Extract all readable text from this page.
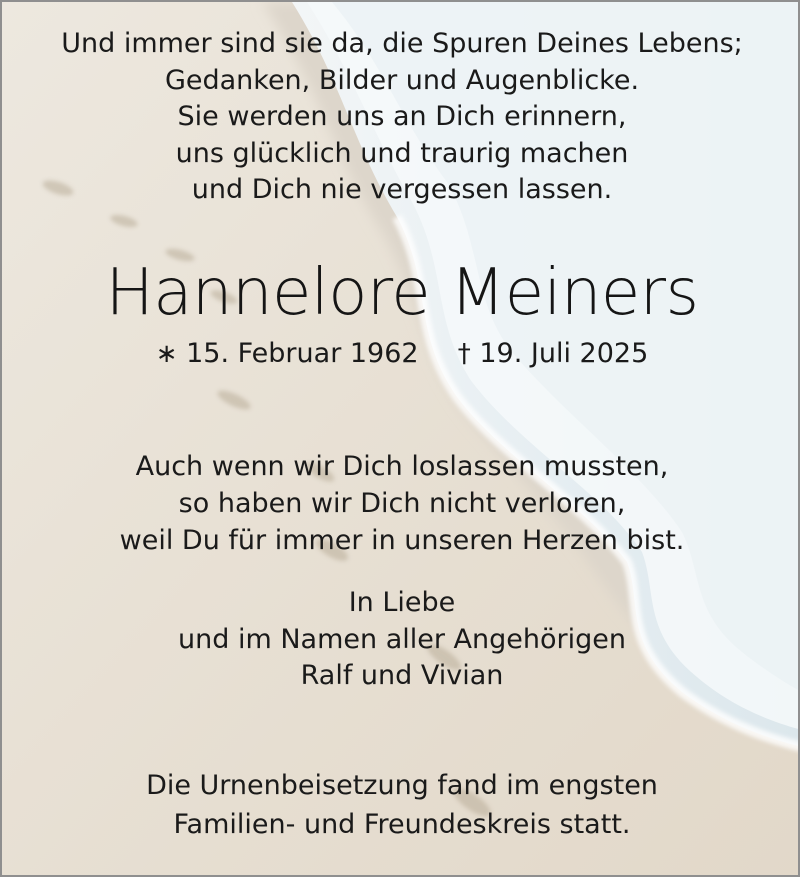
Und immer sind sie da, die Spuren Deines Lebens;
Gedanken, Bilder und Augenblicke.
Sie werden uns an Dich erinnern,
uns glücklich und traurig machen
und Dich nie vergessen lassen.
Hannelore Meiners
∗ 15. Februar 1962 † 19. Juli 2025
Auch wenn wir Dich loslassen mussten,
so haben wir Dich nicht verloren,
weil Du für immer in unseren Herzen bist.
In Liebe
und im Namen aller Angehörigen
Ralf und Vivian
Die Urnenbeisetzung fand im engsten
Familien- und Freundeskreis statt.
